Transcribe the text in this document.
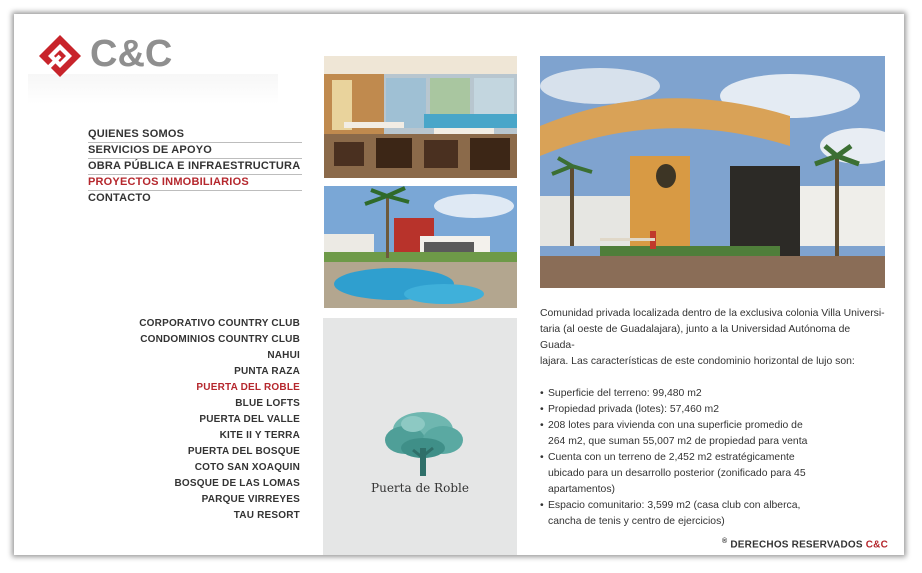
C&C
QUIENES SOMOS
SERVICIOS DE APOYO
OBRA PÚBLICA E INFRAESTRUCTURA
PROYECTOS INMOBILIARIOS
CONTACTO
CORPORATIVO COUNTRY CLUB
CONDOMINIOS COUNTRY CLUB
NAHUI
PUNTA RAZA
PUERTA DEL ROBLE
BLUE LOFTS
PUERTA DEL VALLE
KITE II Y TERRA
PUERTA DEL BOSQUE
COTO SAN XOAQUIN
BOSQUE DE LAS LOMAS
PARQUE VIRREYES
TAU RESORT
Puerta de Roble

Comunidad privada localizada dentro de la exclusiva colonia Villa Universi-
taria (al oeste de Guadalajara), junto a la Universidad Autónoma de Guada-
lajara. Las características de este condominio horizontal de lujo son:

• Superficie del terreno: 99,480 m2
• Propiedad privada (lotes): 57,460 m2
• 208 lotes para vivienda con una superficie promedio de
264 m2, que suman 55,007 m2 de propiedad para venta
• Cuenta con un terreno de 2,452 m2 estratégicamente
ubicado para un desarrollo posterior (zonificado para 45
apartamentos)
• Espacio comunitario: 3,599 m2 (casa club con alberca,
cancha de tenis y centro de ejercicios)
® DERECHOS RESERVADOS C&C
